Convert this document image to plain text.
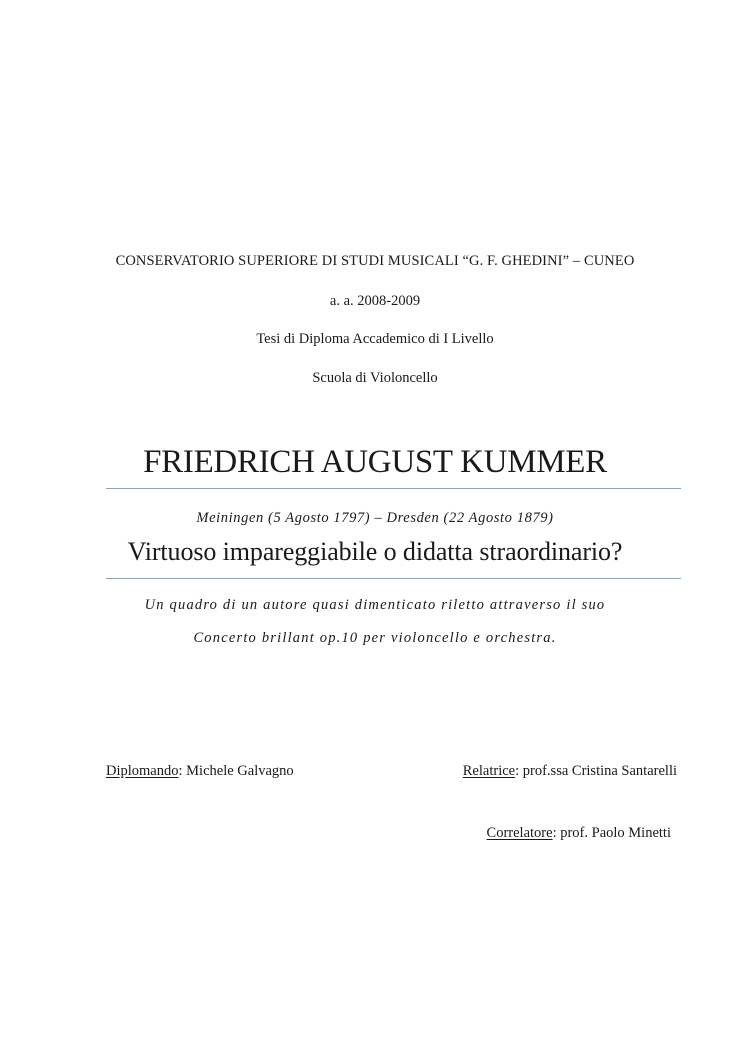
CONSERVATORIO SUPERIORE DI STUDI MUSICALI “G. F. GHEDINI” – CUNEO
a. a. 2008-2009
Tesi di Diploma Accademico di I Livello
Scuola di Violoncello
FRIEDRICH AUGUST KUMMER
Meiningen (5 Agosto 1797) – Dresden (22 Agosto 1879)
Virtuoso impareggiabile o didatta straordinario?
Un quadro di un autore quasi dimenticato riletto attraverso il suo
Concerto brillant op.10 per violoncello e orchestra.
Diplomando: Michele Galvagno	Relatrice: prof.ssa Cristina Santarelli
Correlatore: prof. Paolo Minetti
